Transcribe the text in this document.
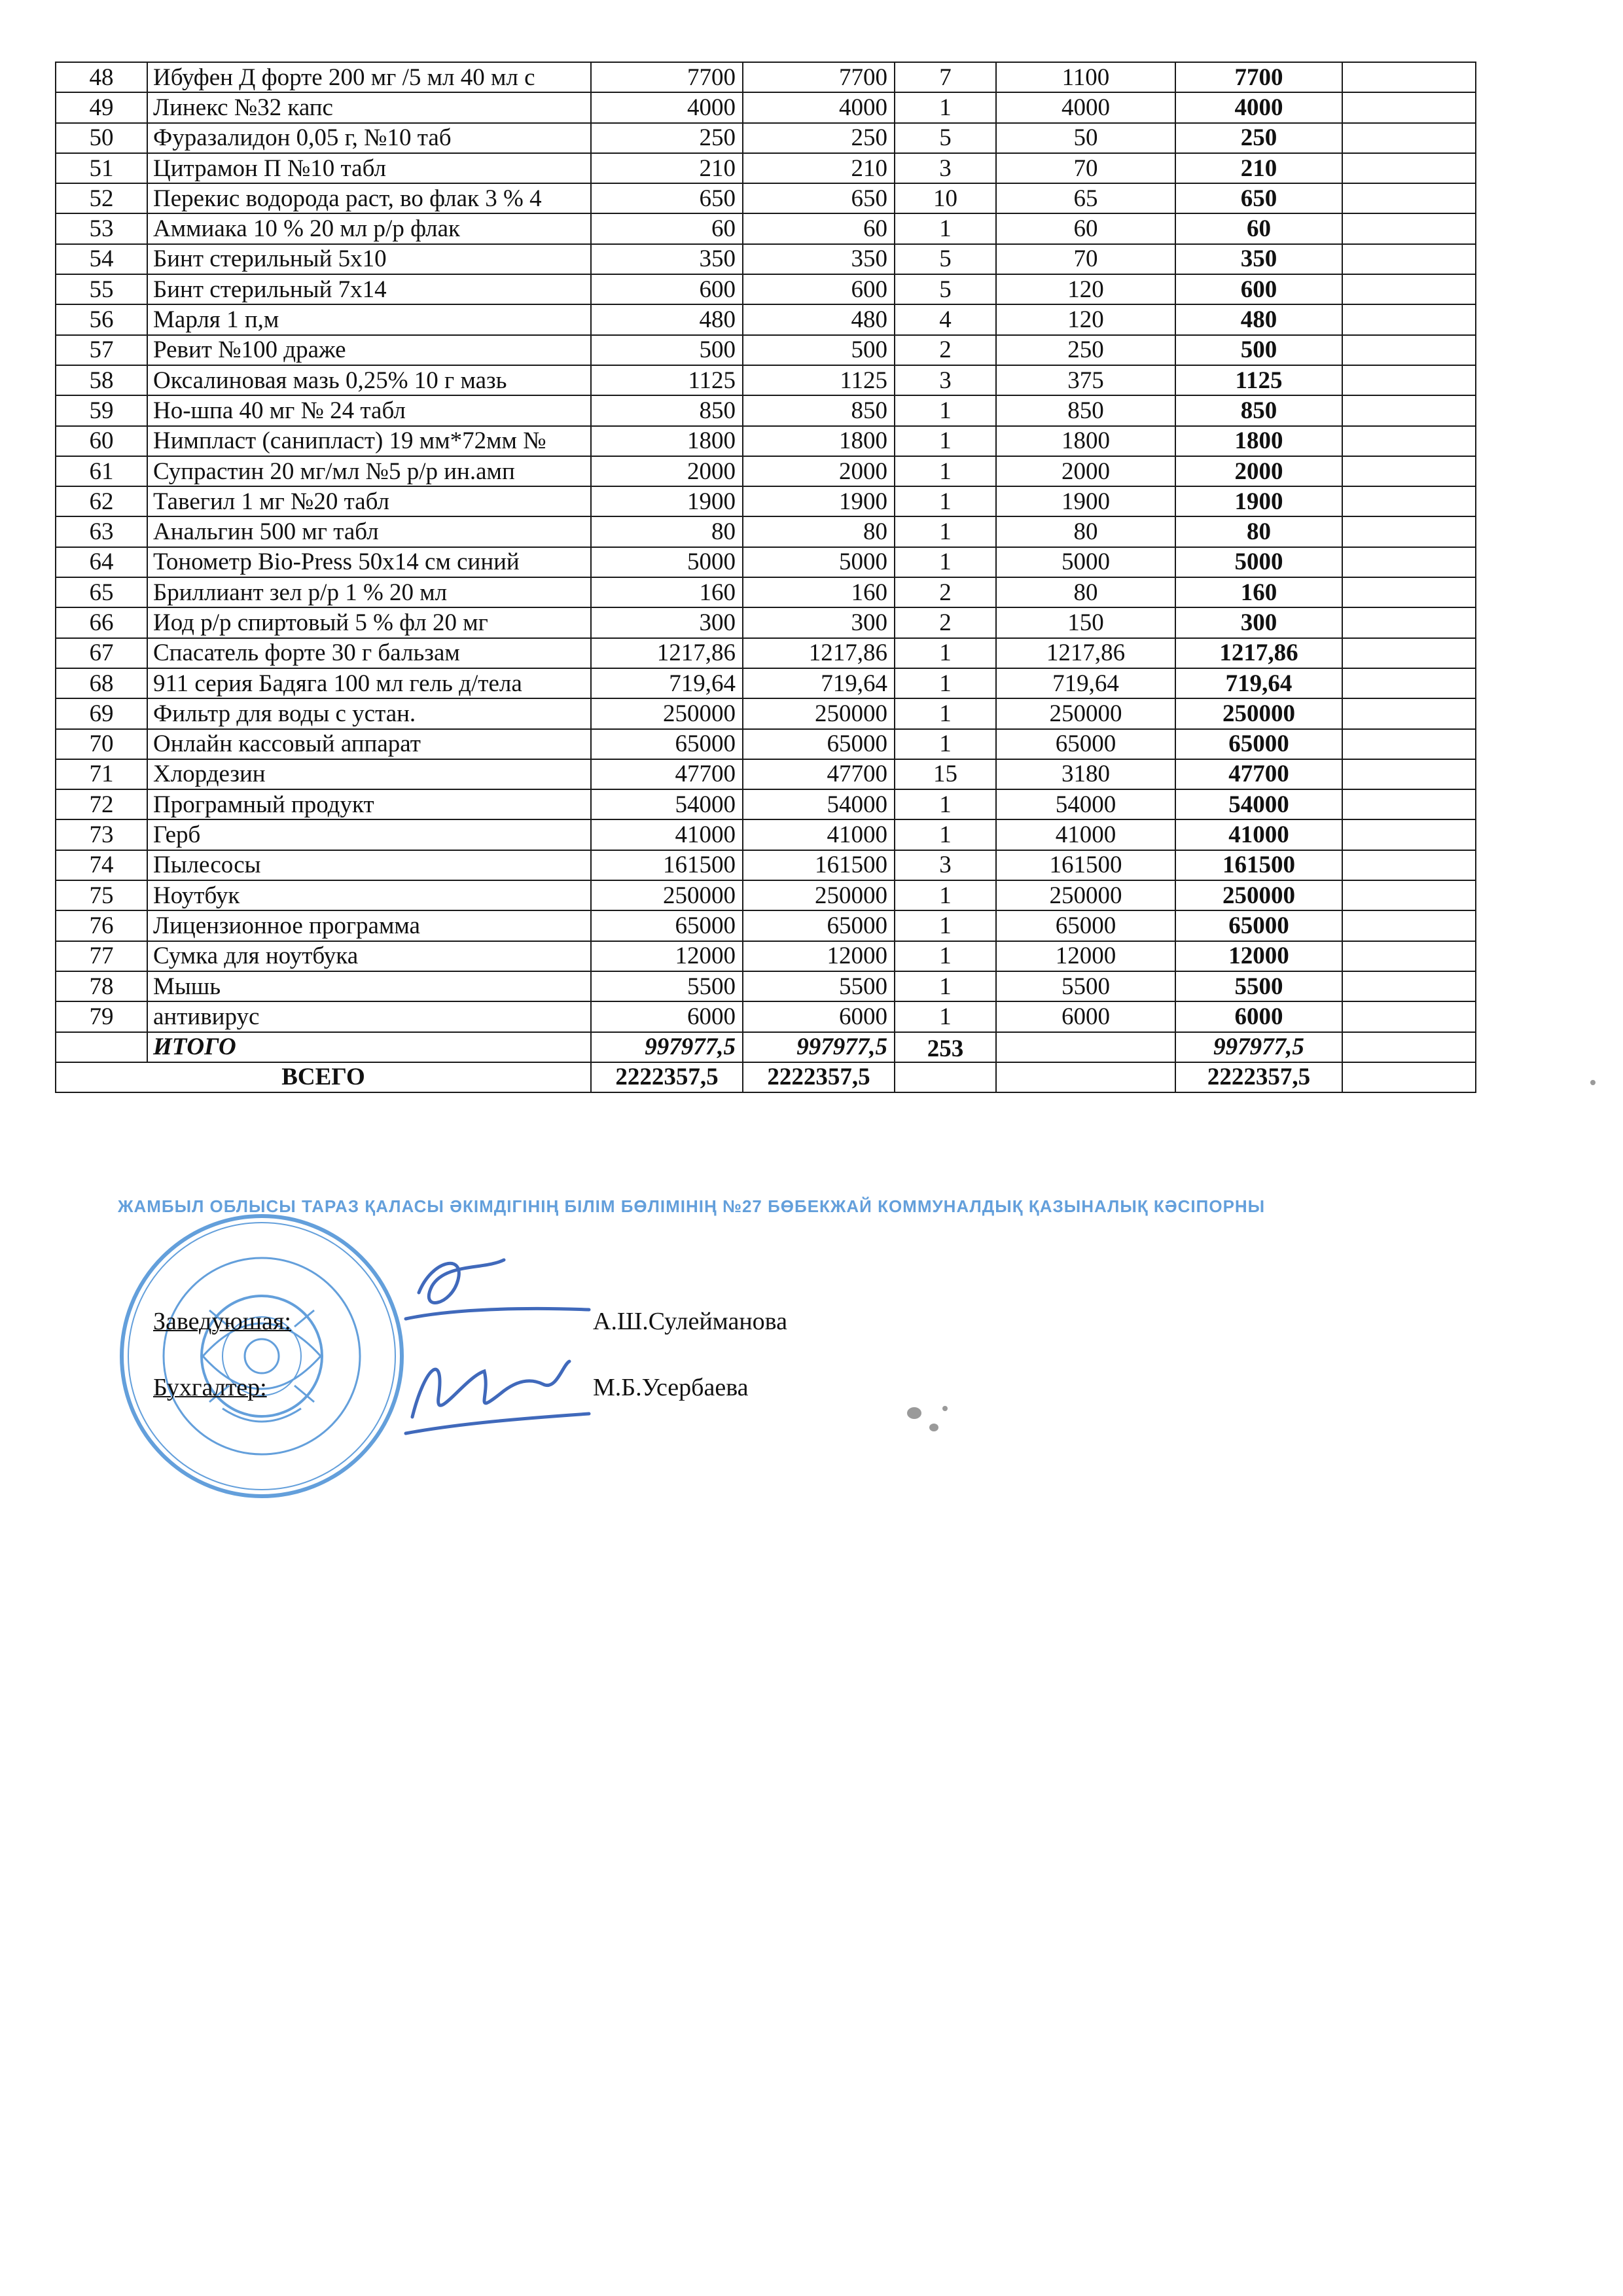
48	Ибуфен Д форте 200 мг /5 мл 40 мл с	7700	7700	7	1100	7700	
49	Линекс №32 капс	4000	4000	1	4000	4000	
50	Фуразалидон 0,05 г, №10 таб	250	250	5	50	250	
51	Цитрамон П №10 табл	210	210	3	70	210	
52	Перекис водорода раст, во флак 3 % 4	650	650	10	65	650	
53	Аммиака 10 % 20 мл р/р флак	60	60	1	60	60	
54	Бинт стерильный 5х10	350	350	5	70	350	
55	Бинт стерильный 7х14	600	600	5	120	600	
56	Марля 1 п,м	480	480	4	120	480	
57	Ревит №100 драже	500	500	2	250	500	
58	Оксалиновая мазь 0,25% 10 г мазь	1125	1125	3	375	1125	
59	Но-шпа 40 мг № 24 табл	850	850	1	850	850	
60	Нимпласт (санипласт) 19 мм*72мм №	1800	1800	1	1800	1800	
61	Супрастин 20 мг/мл №5 р/р ин.амп	2000	2000	1	2000	2000	
62	Тавегил 1 мг №20 табл	1900	1900	1	1900	1900	
63	Анальгин 500 мг табл	80	80	1	80	80	
64	Тонометр Bio-Press 50х14 см синий	5000	5000	1	5000	5000	
65	Бриллиант зел р/р 1 % 20 мл	160	160	2	80	160	
66	Иод р/р спиртовый 5 % фл 20 мг	300	300	2	150	300	
67	Спасатель форте 30 г бальзам	1217,86	1217,86	1	1217,86	1217,86	
68	911 серия Бадяга 100 мл гель д/тела	719,64	719,64	1	719,64	719,64	
69	Фильтр для воды с устан.	250000	250000	1	250000	250000	
70	Онлайн кассовый аппарат	65000	65000	1	65000	65000	
71	Хлордезин	47700	47700	15	3180	47700	
72	Програмный продукт	54000	54000	1	54000	54000	
73	Герб	41000	41000	1	41000	41000	
74	Пылесосы	161500	161500	3	161500	161500	
75	Ноутбук	250000	250000	1	250000	250000	
76	Лицензионное программа	65000	65000	1	65000	65000	
77	Сумка для ноутбука	12000	12000	1	12000	12000	
78	Мышь	5500	5500	1	5500	5500	
79	антивирус	6000	6000	1	6000	6000	
	ИТОГО	997977,5	997977,5	253		997977,5	
ВСЕГО		2222357,5	2222357,5			2222357,5	
ЖАМБЫЛ ОБЛЫСЫ ТАРАЗ ҚАЛАСЫ ӘКІМДІГІНІҢ БІЛІМ БӨЛІМІНІҢ №27 БӨБЕКЖАЙ КОММУНАЛДЫҚ ҚАЗЫНАЛЫҚ КӘСІПОРНЫ
Заведуюшая:	А.Ш.Сулейманова
Бухгалтер:	М.Б.Усербаева
